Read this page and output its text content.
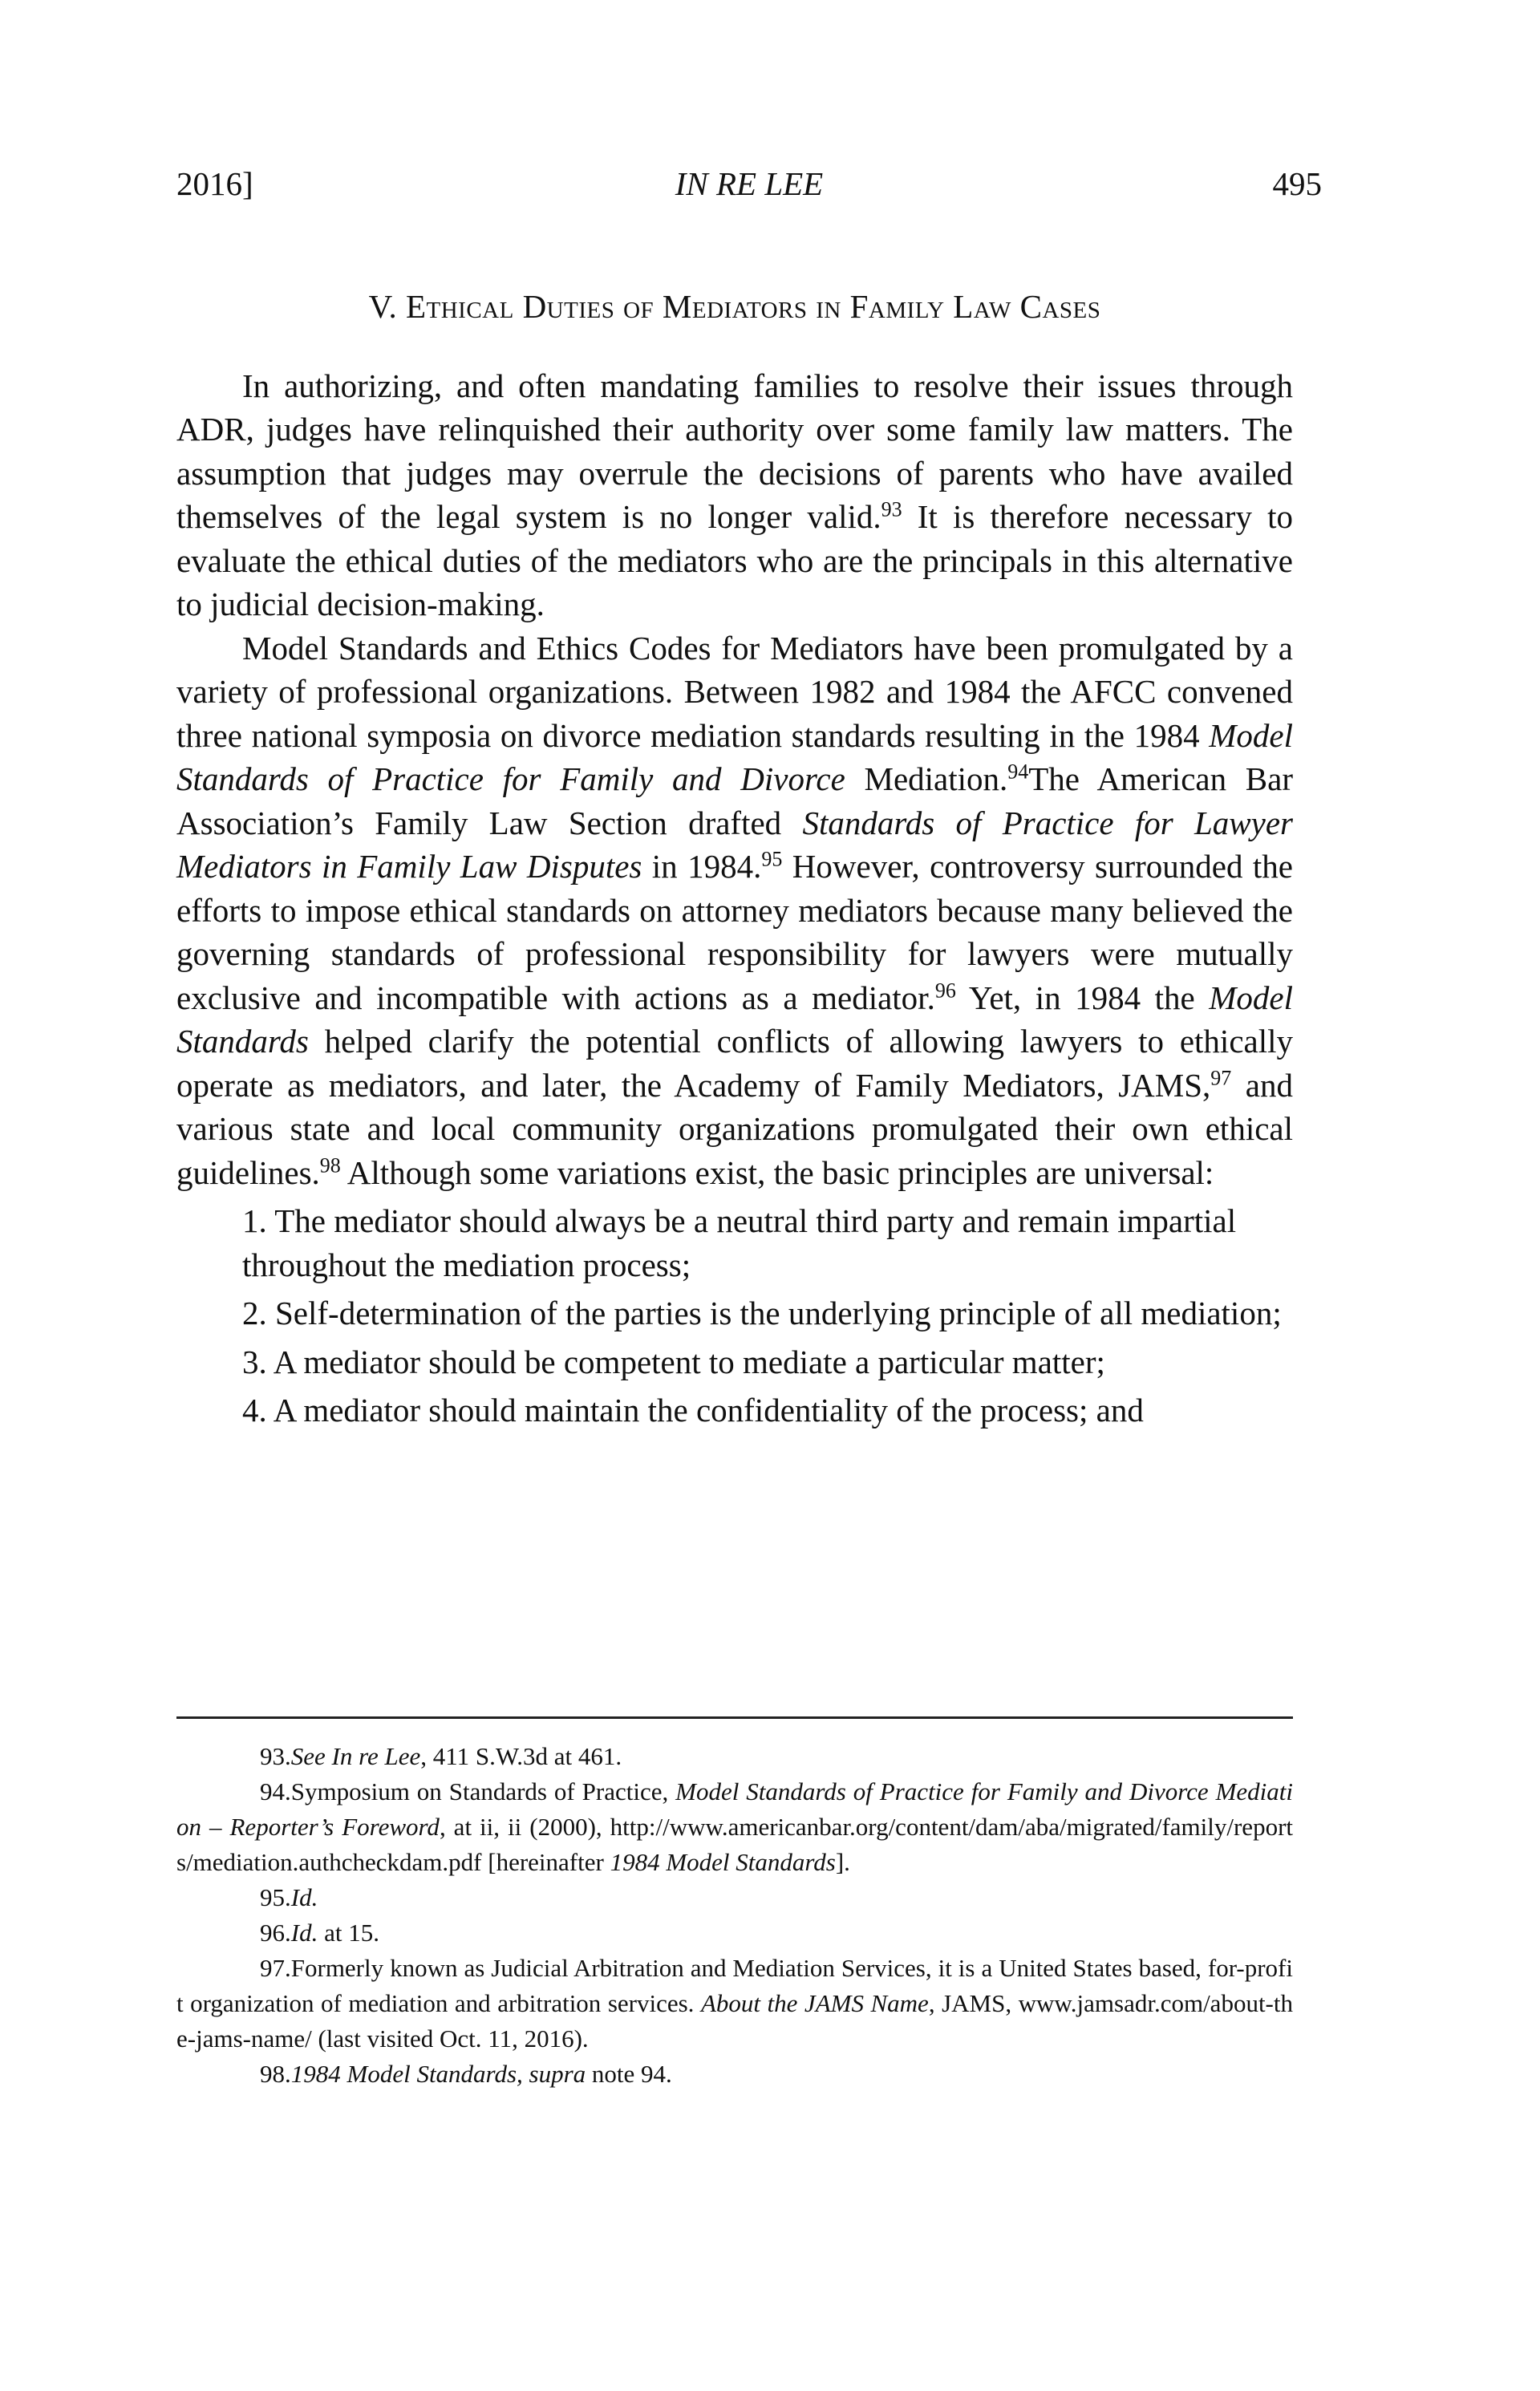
2016]	IN RE LEE	495
V. Ethical Duties of Mediators in Family Law Cases

In authorizing, and often mandating families to resolve their issues through ADR, judges have relinquished their authority over some family law matters. The assumption that judges may overrule the decisions of parents who have availed themselves of the legal system is no longer valid.$^{93}$ It is therefore necessary to evaluate the ethical duties of the mediators who are the principals in this alternative to judicial decision-making.

Model Standards and Ethics Codes for Mediators have been promulgated by a variety of professional organizations. Between 1982 and 1984 the AFCC convened three national symposia on divorce mediation standards resulting in the 1984 Model Standards of Practice for Family and Divorce Mediation.$^{94}$The American Bar Association’s Family Law Section drafted Standards of Practice for Lawyer Mediators in Family Law Disputes in 1984.95 However, controversy surrounded the efforts to impose ethical standards on attorney mediators because many believed the governing standards of professional responsibility for lawyers were mutually exclusive and incompatible with actions as a mediator.$^{96}$ Yet, in 1984 the Model Standards helped clarify the potential conflicts of allowing lawyers to ethically operate as mediators, and later, the Academy of Family Mediators, JAMS,$^{97}$ and various state and local community organizations promulgated their own ethical guidelines.$^{98}$ Although some variations exist, the basic principles are universal:

1. The mediator should always be a neutral third party and remain impartial throughout the mediation process;
2. Self-determination of the parties is the underlying principle of all mediation;
3. A mediator should be competent to mediate a particular matter;
4. A mediator should maintain the confidentiality of the process; and

93.See In re Lee, 411 S.W.3d at 461.

94.Symposium on Standards of Practice, Model Standards of Practice for Family and Divorce Mediation – Reporter’s Foreword, at ii, ii (2000), http://www.americanbar.org/content/dam/aba/migrated/family/reports/mediation.authcheckdam.pdf [hereinafter 1984 Model Standards].

95.Id.

96.Id. at 15.

97.Formerly known as Judicial Arbitration and Mediation Services, it is a United States based, for-profit organization of mediation and arbitration services. About the JAMS Name, JAMS, www.jamsadr.com/about-the-jams-name/ (last visited Oct. 11, 2016).

98.1984 Model Standards, supra note 94.
